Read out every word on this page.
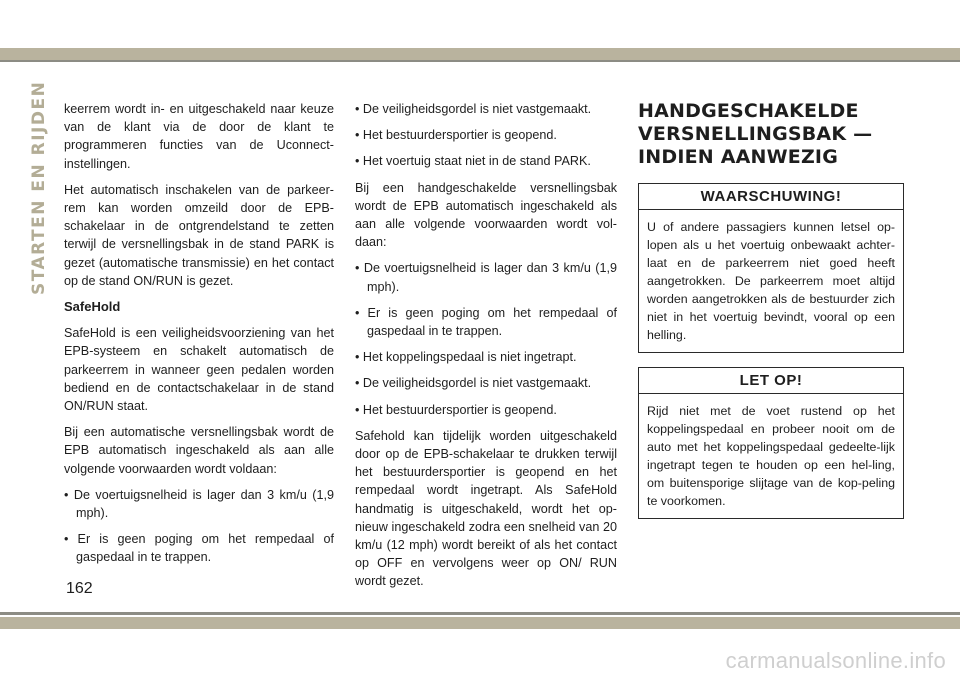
STARTEN EN RIJDEN keerrem wordt in- en uitgeschakeld naar keuze van de klant via de door de klant te programmeren functies van de Uconnect-instellingen.

Het automatisch inschakelen van de parkeer-rem kan worden omzeild door de EPB-schakelaar in de ontgrendelstand te zetten terwijl de versnellingsbak in de stand PARK is gezet (automatische transmissie) en het contact op de stand ON/RUN is gezet.

SafeHold

SafeHold is een veiligheidsvoorziening van het EPB-systeem en schakelt automatisch de parkeerrem in wanneer geen pedalen worden bediend en de contactschakelaar in de stand ON/RUN staat.

Bij een automatische versnellingsbak wordt de EPB automatisch ingeschakeld als aan alle volgende voorwaarden wordt voldaan:

• De voertuigsnelheid is lager dan 3 km/u (1,9 mph).
• Er is geen poging om het rempedaal of gaspedaal in te trappen.
• De veiligheidsgordel is niet vastgemaakt.
• Het bestuurdersportier is geopend.
• Het voertuig staat niet in de stand PARK.

Bij een handgeschakelde versnellingsbak wordt de EPB automatisch ingeschakeld als aan alle volgende voorwaarden wordt vol-daan:

• De voertuigsnelheid is lager dan 3 km/u (1,9 mph).
• Er is geen poging om het rempedaal of gaspedaal in te trappen.
• Het koppelingspedaal is niet ingetrapt.
• De veiligheidsgordel is niet vastgemaakt.
• Het bestuurdersportier is geopend.

Safehold kan tijdelijk worden uitgeschakeld door op de EPB-schakelaar te drukken terwijl het bestuurdersportier is geopend en het rempedaal wordt ingetrapt. Als SafeHold handmatig is uitgeschakeld, wordt het op-nieuw ingeschakeld zodra een snelheid van 20 km/u (12 mph) wordt bereikt of als het contact op OFF en vervolgens weer op ON/ RUN wordt gezet.

HANDGESCHAKELDE
VERSNELLINGSBAK —
INDIEN AANWEZIG
WAARSCHUWING!
U of andere passagiers kunnen letsel op-lopen als u het voertuig onbewaakt achter-laat en de parkeerrem niet goed heeft aangetrokken. De parkeerrem moet altijd worden aangetrokken als de bestuurder zich niet in het voertuig bevindt, vooral op een helling.
LET OP!
Rijd niet met de voet rustend op het koppelingspedaal en probeer nooit om de auto met het koppelingspedaal gedeelte-lijk ingetrapt tegen te houden op een hel-ling, om buitensporige slijtage van de kop-peling te voorkomen.
162
carmanualsonline.info
